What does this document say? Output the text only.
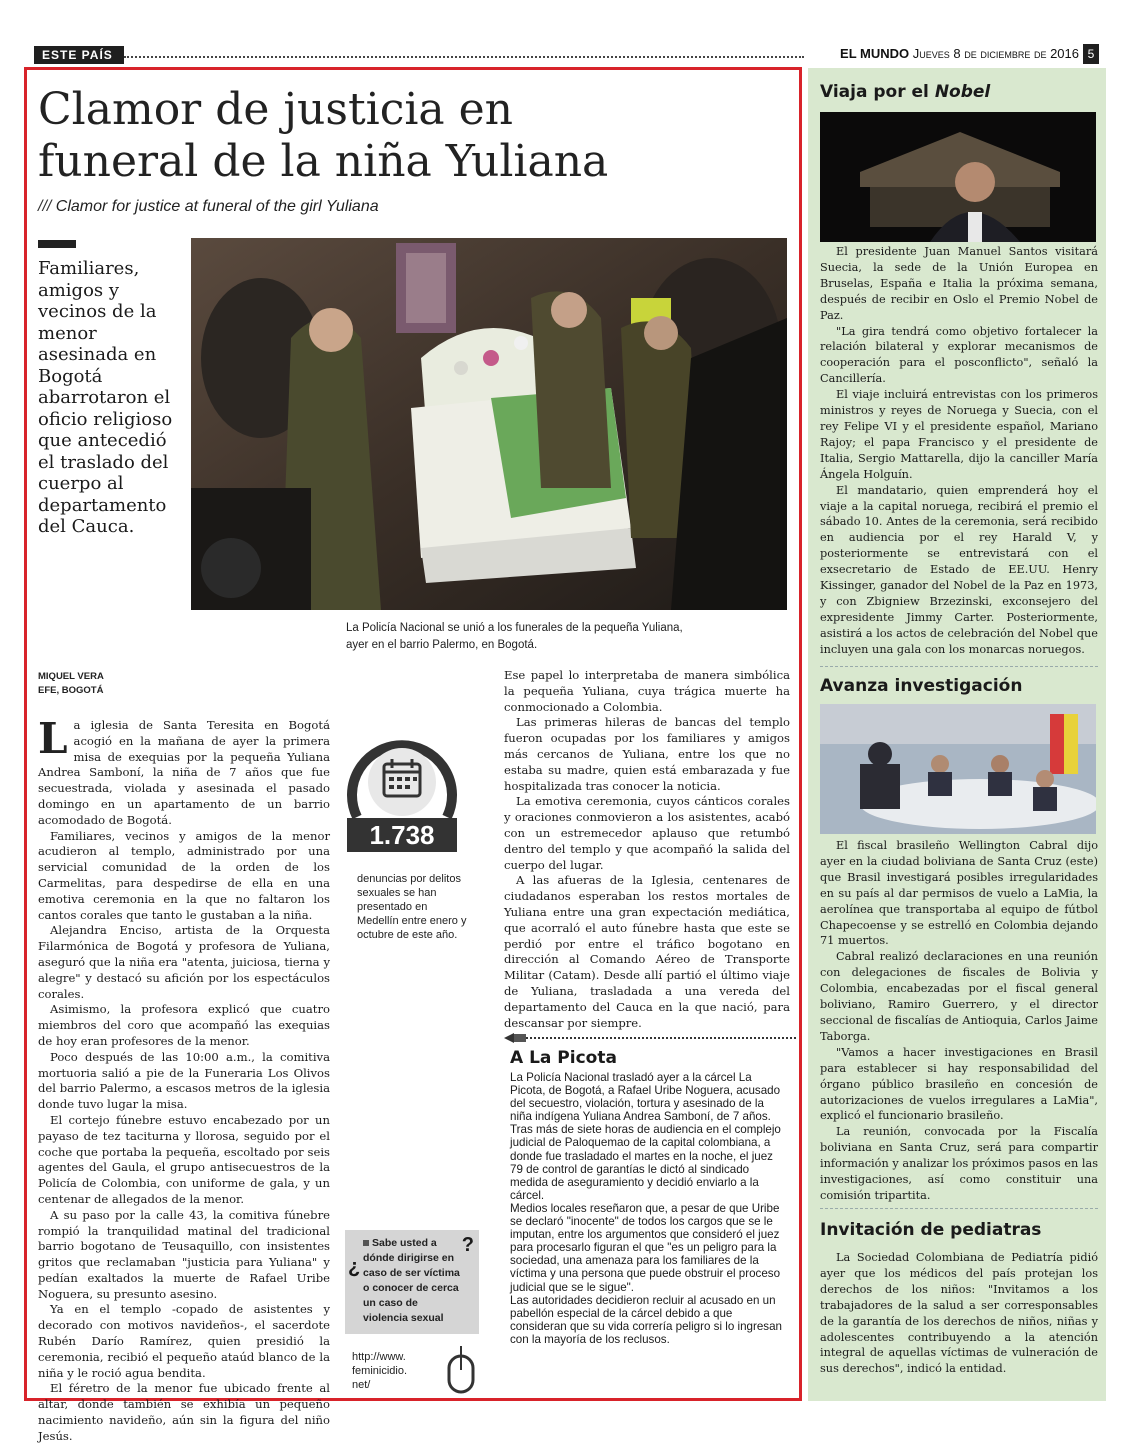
ESTE PAÍS	EL MUNDO Jueves 8 de diciembre de 2016 5
Clamor de justicia en
funeral de la niña Yuliana
/// Clamor for justice at funeral of the girl Yuliana
Familiares, amigos y vecinos de la menor asesinada en Bogotá abarrotaron el oficio religioso que antecedió el traslado del cuerpo al departamento del Cauca.
La Policía Nacional se unió a los funerales de la pequeña Yuliana, ayer en el barrio Palermo, en Bogotá.
MIQUEL VERA
EFE, BOGOTÁ

La iglesia de Santa Teresita en Bogotá acogió en la mañana de ayer la primera misa de exequias por la pequeña Yuliana Andrea Samboní, la niña de 7 años que fue secuestrada, violada y asesinada el pasado domingo en un apartamento de un barrio acomodado de Bogotá.

Familiares, vecinos y amigos de la menor acudieron al templo, administrado por una servicial comunidad de la orden de los Carmelitas, para despedirse de ella en una emotiva ceremonia en la que no faltaron los cantos corales que tanto le gustaban a la niña.

Alejandra Enciso, artista de la Orquesta Filarmónica de Bogotá y profesora de Yuliana, aseguró que la niña era "atenta, juiciosa, tierna y alegre" y destacó su afición por los espectáculos corales.

Asimismo, la profesora explicó que cuatro miembros del coro que acompañó las exequias de hoy eran profesores de la menor.

Poco después de las 10:00 a.m., la comitiva mortuoria salió a pie de la Funeraria Los Olivos del barrio Palermo, a escasos metros de la iglesia donde tuvo lugar la misa.

El cortejo fúnebre estuvo encabezado por un payaso de tez taciturna y llorosa, seguido por el coche que portaba la pequeña, escoltado por seis agentes del Gaula, el grupo antisecuestros de la Policía de Colombia, con uniforme de gala, y un centenar de allegados de la menor.

A su paso por la calle 43, la comitiva fúnebre rompió la tranquilidad matinal del tradicional barrio bogotano de Teusaquillo, con insistentes gritos que reclamaban "justicia para Yuliana" y pedían exaltados la muerte de Rafael Uribe Noguera, su presunto asesino.

Ya en el templo -copado de asistentes y decorado con motivos navideños-, el sacerdote Rubén Darío Ramírez, quien presidió la ceremonia, recibió el pequeño ataúd blanco de la niña y le roció agua bendita.

El féretro de la menor fue ubicado frente al altar, donde también se exhibía un pequeño nacimiento navideño, aún sin la figura del niño Jesús.

1.738
denuncias por delitos sexuales se han presentado en Medellín entre enero y octubre de este año.
¿
?
Sabe usted a dónde dirigirse en caso de ser víctima o conocer de cerca un caso de violencia sexual
http://www. feminicidio. net/

Ese papel lo interpretaba de manera simbólica la pequeña Yuliana, cuya trágica muerte ha conmocionado a Colombia.

Las primeras hileras de bancas del templo fueron ocupadas por los familiares y amigos más cercanos de Yuliana, entre los que no estaba su madre, quien está embarazada y fue hospitalizada tras conocer la noticia.

La emotiva ceremonia, cuyos cánticos corales y oraciones conmovieron a los asistentes, acabó con un estremecedor aplauso que retumbó dentro del templo y que acompañó la salida del cuerpo del lugar.

A las afueras de la Iglesia, centenares de ciudadanos esperaban los restos mortales de Yuliana entre una gran expectación mediática, que acorraló el auto fúnebre hasta que este se perdió por entre el tráfico bogotano en dirección al Comando Aéreo de Transporte Militar (Catam). Desde allí partió el último viaje de Yuliana, trasladada a una vereda del departamento del Cauca en la que nació, para descansar por siempre.

A La Picota

La Policía Nacional trasladó ayer a la cárcel La Picota, de Bogotá, a Rafael Uribe Noguera, acusado del secuestro, violación, tortura y asesinado de la niña indígena Yuliana Andrea Samboní, de 7 años.

Tras más de siete horas de audiencia en el complejo judicial de Paloquemao de la capital colombiana, a donde fue trasladado el martes en la noche, el juez 79 de control de garantías le dictó al sindicado medida de aseguramiento y decidió enviarlo a la cárcel.

Medios locales reseñaron que, a pesar de que Uribe se declaró "inocente" de todos los cargos que se le imputan, entre los argumentos que consideró el juez para procesarlo figuran el que "es un peligro para la sociedad, una amenaza para los familiares de la víctima y una persona que puede obstruir el proceso judicial que se le sigue".

Las autoridades decidieron recluir al acusado en un pabellón especial de la cárcel debido a que consideran que su vida correría peligro si lo ingresan con la mayoría de los reclusos.

Viaja por el Nobel

El presidente Juan Manuel Santos visitará Suecia, la sede de la Unión Europea en Bruselas, España e Italia la próxima semana, después de recibir en Oslo el Premio Nobel de Paz.

"La gira tendrá como objetivo fortalecer la relación bilateral y explorar mecanismos de cooperación para el posconflicto", señaló la Cancillería.

El viaje incluirá entrevistas con los primeros ministros y reyes de Noruega y Suecia, con el rey Felipe VI y el presidente español, Mariano Rajoy; el papa Francisco y el presidente de Italia, Sergio Mattarella, dijo la canciller María Ángela Holguín.

El mandatario, quien emprenderá hoy el viaje a la capital noruega, recibirá el premio el sábado 10. Antes de la ceremonia, será recibido en audiencia por el rey Harald V, y posteriormente se entrevistará con el exsecretario de Estado de EE.UU. Henry Kissinger, ganador del Nobel de la Paz en 1973, y con Zbigniew Brzezinski, exconsejero del expresidente Jimmy Carter. Posteriormente, asistirá a los actos de celebración del Nobel que incluyen una gala con los monarcas noruegos.

Avanza investigación

El fiscal brasileño Wellington Cabral dijo ayer en la ciudad boliviana de Santa Cruz (este) que Brasil investigará posibles irregularidades en su país al dar permisos de vuelo a LaMia, la aerolínea que transportaba al equipo de fútbol Chapecoense y se estrelló en Colombia dejando 71 muertos.

Cabral realizó declaraciones en una reunión con delegaciones de fiscales de Bolivia y Colombia, encabezadas por el fiscal general boliviano, Ramiro Guerrero, y el director seccional de fiscalías de Antioquia, Carlos Jaime Taborga.

"Vamos a hacer investigaciones en Brasil para establecer si hay responsabilidad del órgano público brasileño en concesión de autorizaciones de vuelos irregulares a LaMia", explicó el funcionario brasileño.

La reunión, convocada por la Fiscalía boliviana en Santa Cruz, será para compartir información y analizar los próximos pasos en las investigaciones, así como constituir una comisión tripartita.

Invitación de pediatras

La Sociedad Colombiana de Pediatría pidió ayer que los médicos del país protejan los derechos de los niños: "Invitamos a los trabajadores de la salud a ser corresponsables de la garantía de los derechos de niños, niñas y adolescentes contribuyendo a la atención integral de aquellas víctimas de vulneración de sus derechos", indicó la entidad.
